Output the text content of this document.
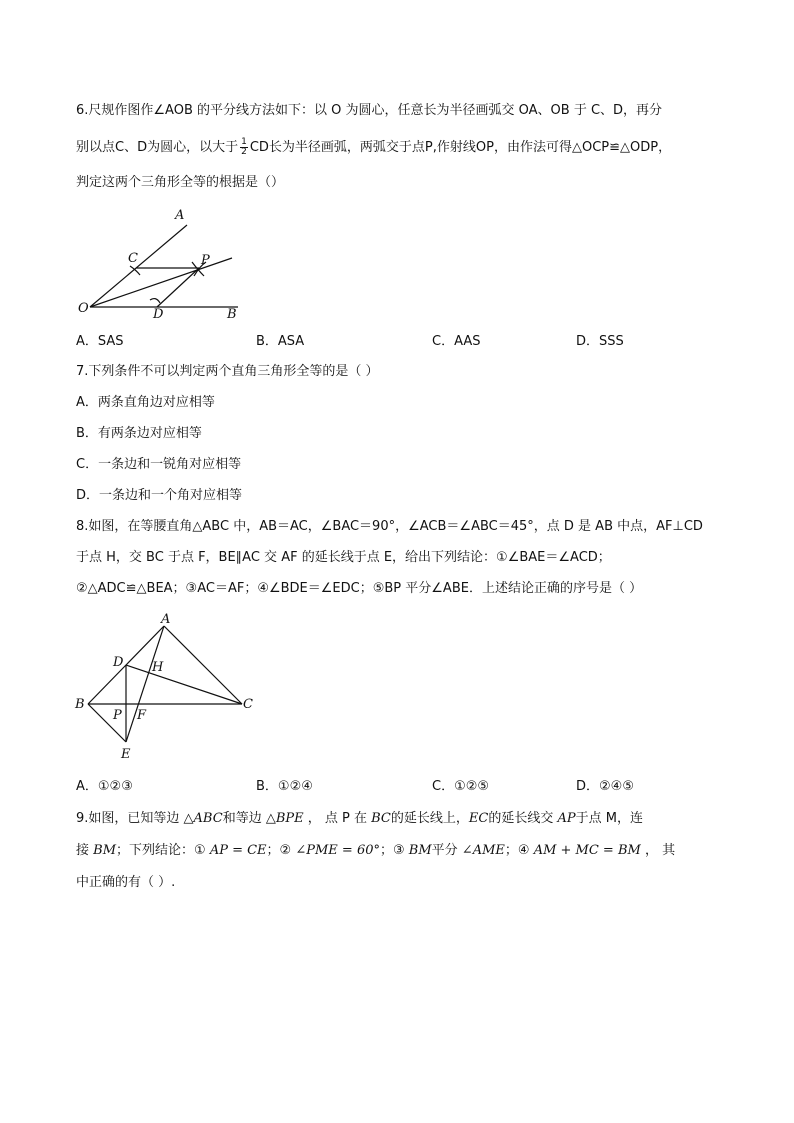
6.尺规作图作∠AOB 的平分线方法如下：以 O 为圆心，任意长为半径画弧交 OA、OB 于 C、D，再分
别以点C、D为圆心，以大于 $\frac{1}{2}$ CD长为半径画弧，两弧交于点P,作射线OP，由作法可得△OCP≌△ODP，
判定这两个三角形全等的根据是（）
A
C	P
O	D	B
A．SAS	B．ASA	C．AAS	D．SSS
7.下列条件不可以判定两个直角三角形全等的是（ ）
A．两条直角边对应相等
B．有两条边对应相等
C．一条边和一锐角对应相等
D．一条边和一个角对应相等
8.如图，在等腰直角△ABC 中，AB＝AC，∠BAC＝90°，∠ACB＝∠ABC＝45°，点 D 是 AB 中点，AF⊥CD
于点 H，交 BC 于点 F，BE∥AC 交 AF 的延长线于点 E，给出下列结论：①∠BAE＝∠ACD；
②△ADC≌△BEA；③AC＝AF；④∠BDE＝∠EDC；⑤BP 平分∠ABE．上述结论正确的序号是（ ）
A
D H
B	C
P F
E
A．①②③	B．①②④	C．①②⑤	D．②④⑤
9.如图，已知等边 △ABC和等边 △BPE ， 点 P 在 BC的延长线上，EC的延长线交 AP于点 M，连
接 BM；下列结论：① AP = CE；② ∠PME = 60°；③ BM平分 ∠AME；④ AM + MC = BM ， 其
中正确的有（ ）.
